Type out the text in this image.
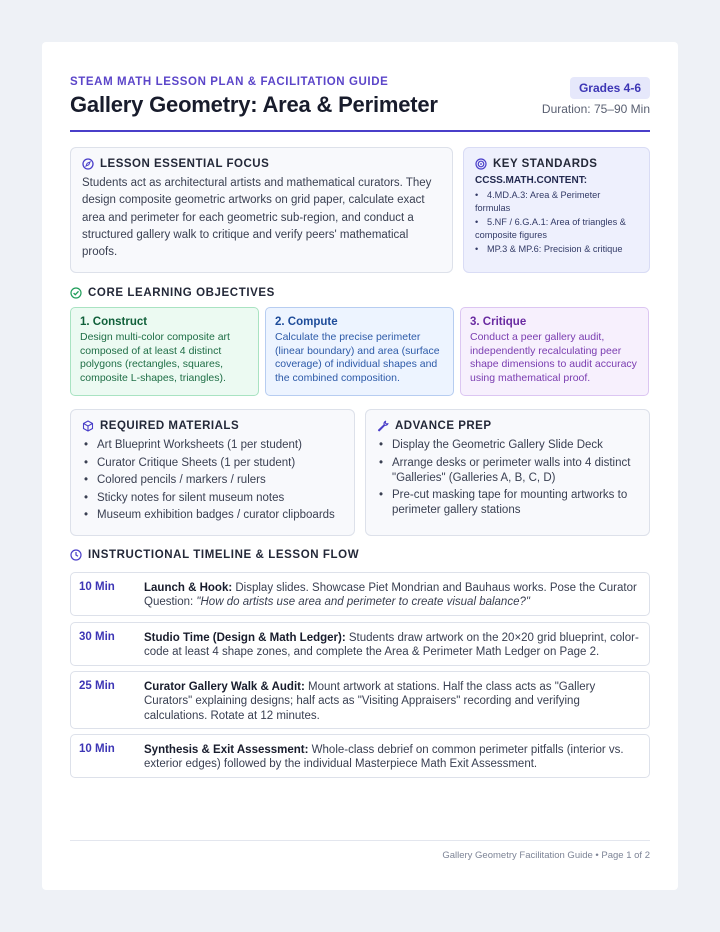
STEAM MATH LESSON PLAN & FACILITATION GUIDE
Gallery Geometry: Area & Perimeter
Grades 4-6
Duration: 75–90 Min
LESSON ESSENTIAL FOCUS
Students act as architectural artists and mathematical curators. They design composite geometric artworks on grid paper, calculate exact area and perimeter for each geometric sub-region, and conduct a structured gallery walk to critique and verify peers' mathematical proofs.
KEY STANDARDS
CCSS.MATH.CONTENT:
• 4.MD.A.3: Area & Perimeter formulas
• 5.NF / 6.G.A.1: Area of triangles & composite figures
• MP.3 & MP.6: Precision & critique
CORE LEARNING OBJECTIVES
1. Construct
Design multi-color composite art composed of at least 4 distinct polygons (rectangles, squares, composite L-shapes, triangles).
2. Compute
Calculate the precise perimeter (linear boundary) and area (surface coverage) of individual shapes and the combined composition.
3. Critique
Conduct a peer gallery audit, independently recalculating peer shape dimensions to audit accuracy using mathematical proof.
REQUIRED MATERIALS
• Art Blueprint Worksheets (1 per student)
• Curator Critique Sheets (1 per student)
• Colored pencils / markers / rulers
• Sticky notes for silent museum notes
• Museum exhibition badges / curator clipboards
ADVANCE PREP
• Display the Geometric Gallery Slide Deck
• Arrange desks or perimeter walls into 4 distinct "Galleries" (Galleries A, B, C, D)
• Pre-cut masking tape for mounting artworks to perimeter gallery stations
INSTRUCTIONAL TIMELINE & LESSON FLOW
10 Min	Launch & Hook: Display slides. Showcase Piet Mondrian and Bauhaus works. Pose the Curator Question: "How do artists use area and perimeter to create visual balance?"
30 Min	Studio Time (Design & Math Ledger): Students draw artwork on the 20×20 grid blueprint, color-code at least 4 shape zones, and complete the Area & Perimeter Math Ledger on Page 2.
25 Min	Curator Gallery Walk & Audit: Mount artwork at stations. Half the class acts as "Gallery Curators" explaining designs; half acts as "Visiting Appraisers" recording and verifying calculations. Rotate at 12 minutes.
10 Min	Synthesis & Exit Assessment: Whole-class debrief on common perimeter pitfalls (interior vs. exterior edges) followed by the individual Masterpiece Math Exit Assessment.
Gallery Geometry Facilitation Guide • Page 1 of 2
